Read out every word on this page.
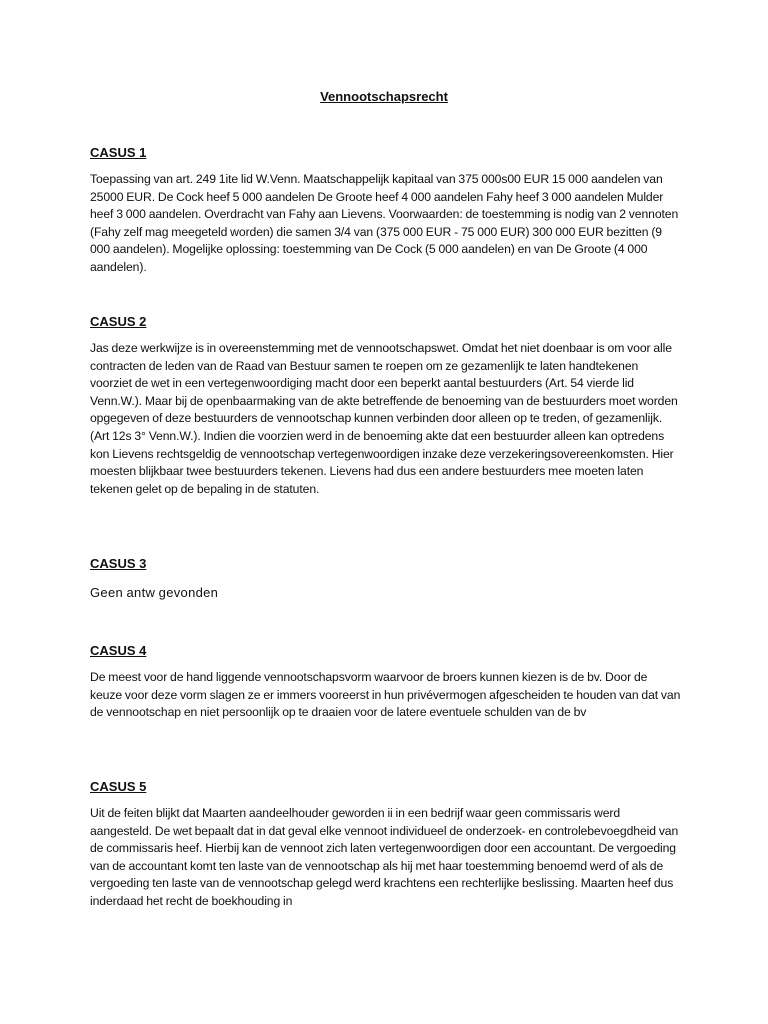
Vennootschapsrecht
CASUS 1

Toepassing van art. 249 1ite lid W.Venn. Maatschappelijk kapitaal van 375 000s00 EUR 15 000 aandelen van 25000 EUR. De Cock heef 5 000 aandelen De Groote heef 4 000 aandelen Fahy heef 3 000 aandelen Mulder heef 3 000 aandelen. Overdracht van Fahy aan Lievens. Voorwaarden: de toestemming is nodig van 2 vennoten (Fahy zelf mag meegeteld worden) die samen 3/4 van (375 000 EUR - 75 000 EUR) 300 000 EUR bezitten (9 000 aandelen). Mogelijke oplossing: toestemming van De Cock (5 000 aandelen) en van De Groote (4 000 aandelen).

CASUS 2

Jas deze werkwijze is in overeenstemming met de vennootschapswet. Omdat het niet doenbaar is om voor alle contracten de leden van de Raad van Bestuur samen te roepen om ze gezamenlijk te laten handtekenen voorziet de wet in een vertegenwoordiging macht door een beperkt aantal bestuurders (Art. 54 vierde lid Venn.W.). Maar bij de openbaarmaking van de akte betreffende de benoeming van de bestuurders moet worden opgegeven of deze bestuurders de vennootschap kunnen verbinden door alleen op te treden, of gezamenlijk. (Art 12s 3° Venn.W.). Indien die voorzien werd in de benoeming akte dat een bestuurder alleen kan optredens kon Lievens rechtsgeldig de vennootschap vertegenwoordigen inzake deze verzekeringsovereenkomsten. Hier moesten blijkbaar twee bestuurders tekenen. Lievens had dus een andere bestuurders mee moeten laten tekenen gelet op de bepaling in de statuten.

CASUS 3

Geen antw gevonden

CASUS 4

De meest voor de hand liggende vennootschapsvorm waarvoor de broers kunnen kiezen is de bv. Door de keuze voor deze vorm slagen ze er immers vooreerst in hun privévermogen afgescheiden te houden van dat van de vennootschap en niet persoonlijk op te draaien voor de latere eventuele schulden van de bv

CASUS 5

Uit de feiten blijkt dat Maarten aandeelhouder geworden ii in een bedrijf waar geen commissaris werd aangesteld. De wet bepaalt dat in dat geval elke vennoot individueel de onderzoek- en controlebevoegdheid van de commissaris heef. Hierbij kan de vennoot zich laten vertegenwoordigen door een accountant. De vergoeding van de accountant komt ten laste van de vennootschap als hij met haar toestemming benoemd werd of als de vergoeding ten laste van de vennootschap gelegd werd krachtens een rechterlijke beslissing. Maarten heef dus inderdaad het recht de boekhouding in
